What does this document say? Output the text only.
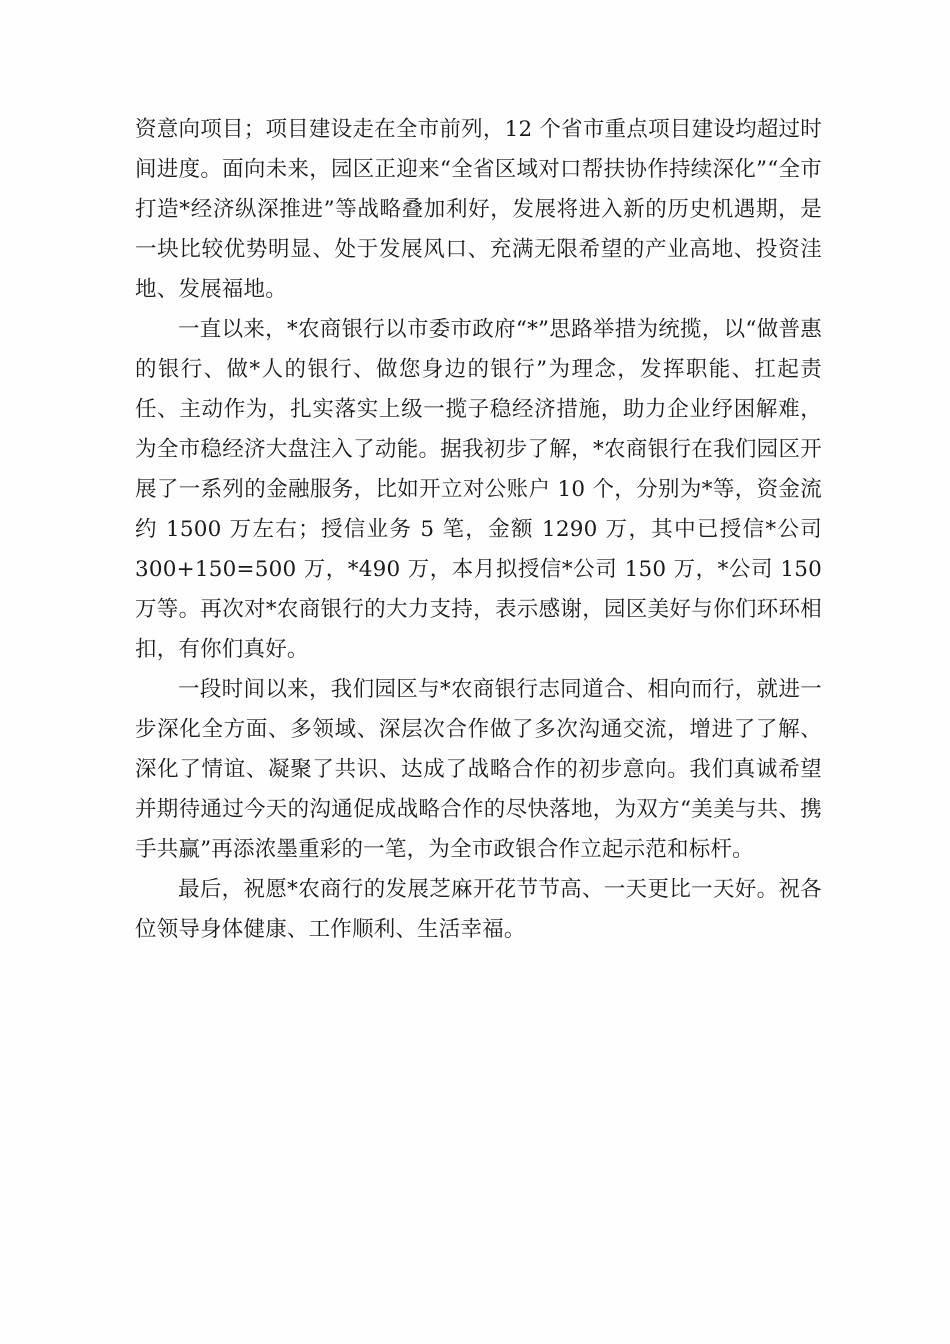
资意向项目；项目建设走在全市前列，12 个省市重点项目建设均超过时间进度。面向未来，园区正迎来“全省区域对口帮扶协作持续深化”“全市打造*经济纵深推进”等战略叠加利好，发展将进入新的历史机遇期，是一块比较优势明显、处于发展风口、充满无限希望的产业高地、投资洼地、发展福地。

一直以来，*农商银行以市委市政府“*”思路举措为统揽，以“做普惠的银行、做*人的银行、做您身边的银行”为理念，发挥职能、扛起责任、主动作为，扎实落实上级一揽子稳经济措施，助力企业纾困解难，为全市稳经济大盘注入了动能。据我初步了解，*农商银行在我们园区开展了一系列的金融服务，比如开立对公账户 10 个，分别为*等，资金流约 1500 万左右；授信业务 5 笔，金额 1290 万，其中已授信*公司 300+150=500 万，*490 万，本月拟授信*公司 150 万，*公司 150 万等。再次对*农商银行的大力支持，表示感谢，园区美好与你们环环相扣，有你们真好。

一段时间以来，我们园区与*农商银行志同道合、相向而行，就进一步深化全方面、多领域、深层次合作做了多次沟通交流，增进了了解、深化了情谊、凝聚了共识、达成了战略合作的初步意向。我们真诚希望并期待通过今天的沟通促成战略合作的尽快落地，为双方“美美与共、携手共赢”再添浓墨重彩的一笔，为全市政银合作立起示范和标杆。

最后，祝愿*农商行的发展芝麻开花节节高、一天更比一天好。祝各位领导身体健康、工作顺利、生活幸福。
